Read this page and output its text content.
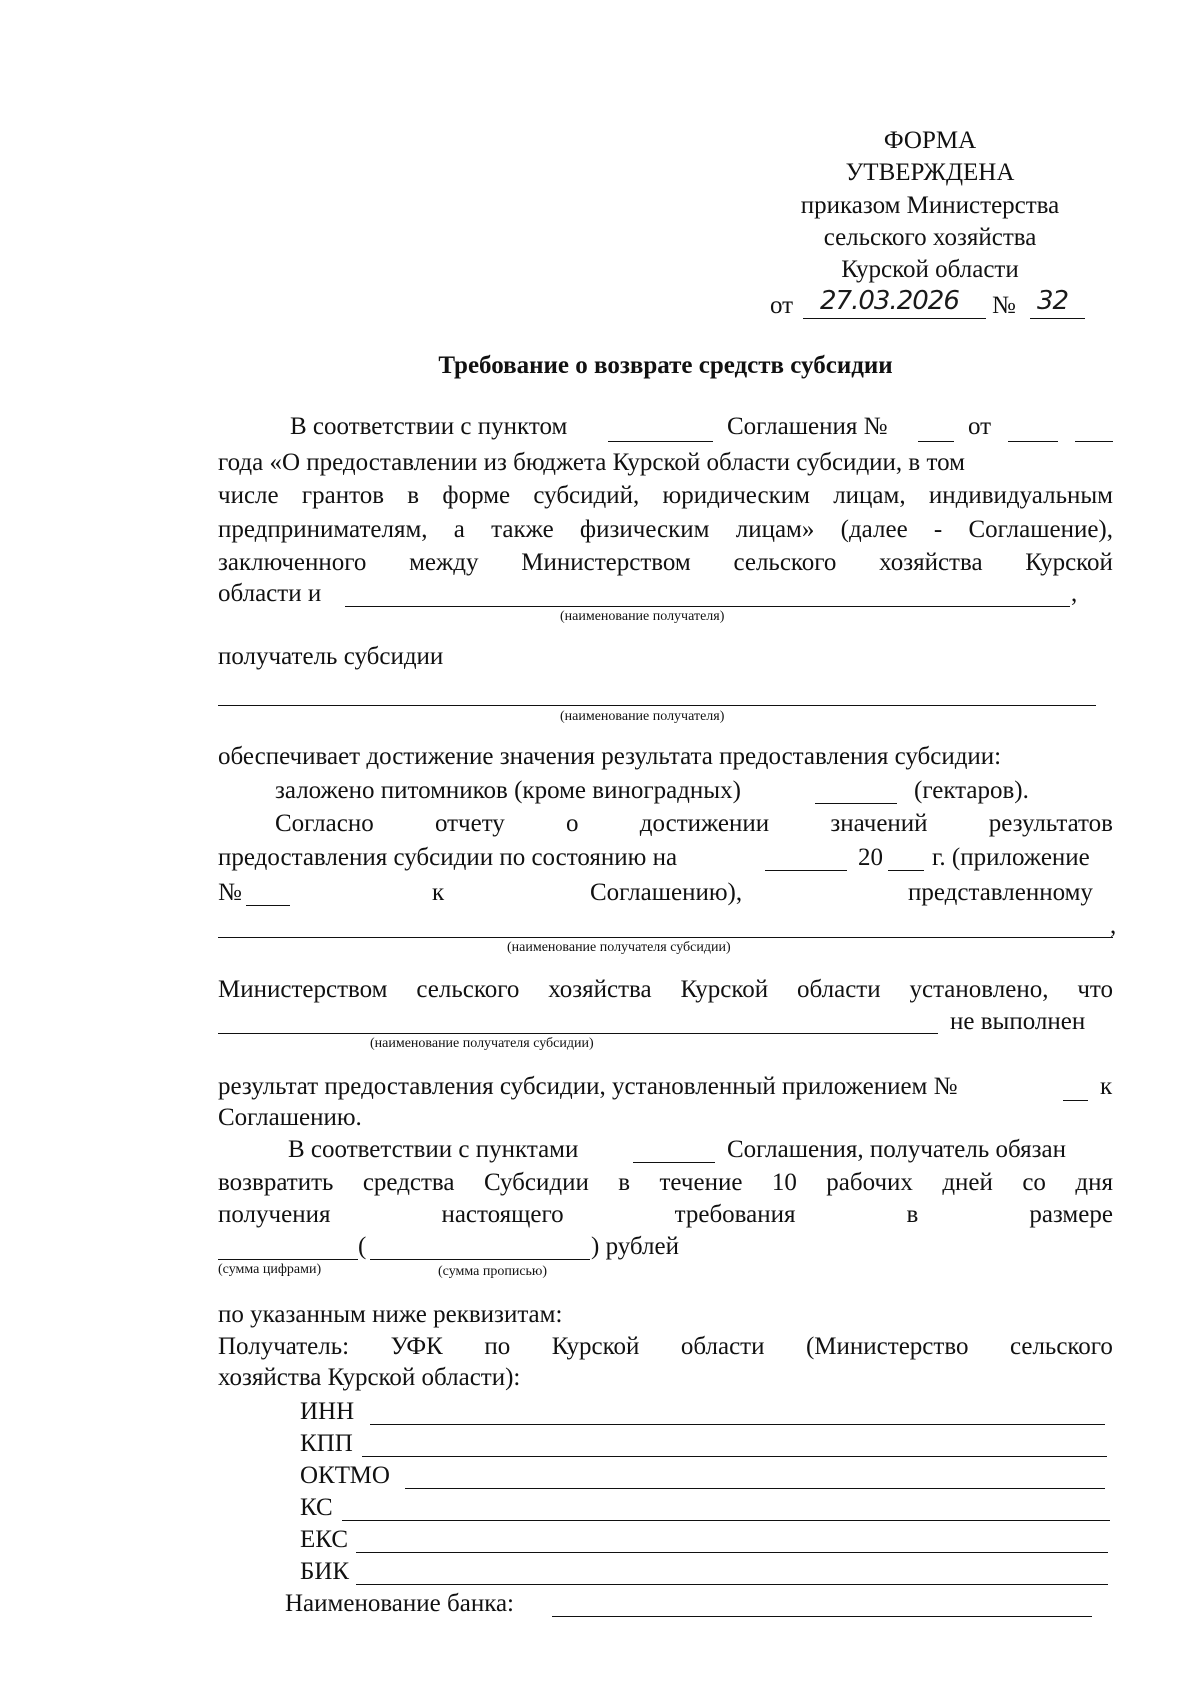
ФОРМА
УТВЕРЖДЕНА
приказом Министерства
сельского хозяйства
Курской области
от 27.03.2026 № 32
Требование о возврате средств субсидии
В соответствии с пунктом	Соглашения №	от
года «О предоставлении из бюджета Курской области субсидии, в том
числе грантов в форме субсидий, юридическим лицам, индивидуальным
предпринимателям, а также физическим лицам» (далее - Соглашение),
заключенного между Министерством сельского хозяйства Курской
области и	,
(наименование получателя)
получатель субсидии
(наименование получателя)
обеспечивает достижение значения результата предоставления субсидии:
заложено питомников (кроме виноградных)	(гектаров).
Согласно отчету о достижении значений результатов
предоставления субсидии по состоянию на	20 г. (приложение
№	к	Соглашению),	представленному
,
(наименование получателя субсидии)
Министерством сельского хозяйства Курской области установлено, что
не выполнен
(наименование получателя субсидии)
результат предоставления субсидии, установленный приложением №	к
Соглашению.
В соответствии с пунктами	Соглашения, получатель обязан
возвратить средства Субсидии в течение 10 рабочих дней со дня
получения	настоящего	требования	в	размере
(	) рублей
(сумма цифрами)	(сумма прописью)
по указанным ниже реквизитам:
Получатель: УФК по Курской области (Министерство сельского
хозяйства Курской области):
ИНН
КПП
ОКТМО
КС
ЕКС
БИК
Наименование банка:
